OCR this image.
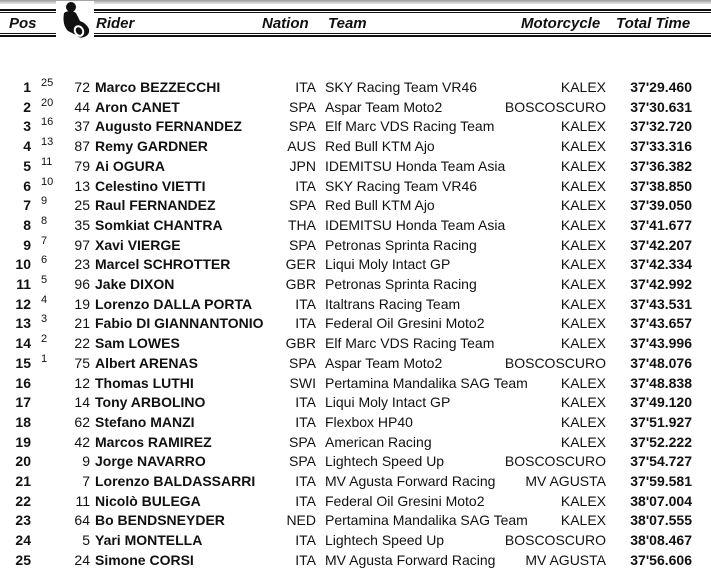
Pos	Rider	Nation Team	Motorcycle Total Time
1 25	72 Marco BEZZECCHI	ITA SKY Racing Team VR46	KALEX 37'29.460
2 20	44 Aron CANET	SPA Aspar Team Moto2	BOSCOSCURO 37'30.631
3 16	37 Augusto FERNANDEZ	SPA Elf Marc VDS Racing Team	KALEX 37'32.720
4 13	87 Remy GARDNER	AUS Red Bull KTM Ajo	KALEX 37'33.316
5 11	79 Ai OGURA	JPN IDEMITSU Honda Team Asia	KALEX 37'36.382
6 10	13 Celestino VIETTI	ITA SKY Racing Team VR46	KALEX 37'38.850
7 9	25 Raul FERNANDEZ	SPA Red Bull KTM Ajo	KALEX 37'39.050
8 8	35 Somkiat CHANTRA	THA IDEMITSU Honda Team Asia	KALEX 37'41.677
9 7	97 Xavi VIERGE	SPA Petronas Sprinta Racing	KALEX 37'42.207
10 6	23 Marcel SCHROTTER	GER Liqui Moly Intact GP	KALEX 37'42.334
11 5	96 Jake DIXON	GBR Petronas Sprinta Racing	KALEX 37'42.992
12 4	19 Lorenzo DALLA PORTA	ITA Italtrans Racing Team	KALEX 37'43.531
13 3	21 Fabio DI GIANNANTONIO	ITA Federal Oil Gresini Moto2	KALEX 37'43.657
14 2	22 Sam LOWES	GBR Elf Marc VDS Racing Team	KALEX 37'43.996
15 1	75 Albert ARENAS	SPA Aspar Team Moto2	BOSCOSCURO 37'48.076
16	12 Thomas LUTHI	SWI Pertamina Mandalika SAG Team KALEX 37'48.838
17	14 Tony ARBOLINO	ITA Liqui Moly Intact GP	KALEX 37'49.120
18	62 Stefano MANZI	ITA Flexbox HP40	KALEX 37'51.927
19	42 Marcos RAMIREZ	SPA American Racing	KALEX 37'52.222
20	9 Jorge NAVARRO	SPA Lightech Speed Up	BOSCOSCURO 37'54.727
21	7 Lorenzo BALDASSARRI	ITA MV Agusta Forward Racing MV AGUSTA 37'59.581
22	11 Nicolò BULEGA	ITA Federal Oil Gresini Moto2	KALEX 38'07.004
23	64 Bo BENDSNEYDER	NED Pertamina Mandalika SAG Team KALEX 38'07.555
24	5 Yari MONTELLA	ITA Lightech Speed Up	BOSCOSCURO 38'08.467
25	24 Simone CORSI	ITA MV Agusta Forward Racing MV AGUSTA 37'56.606
